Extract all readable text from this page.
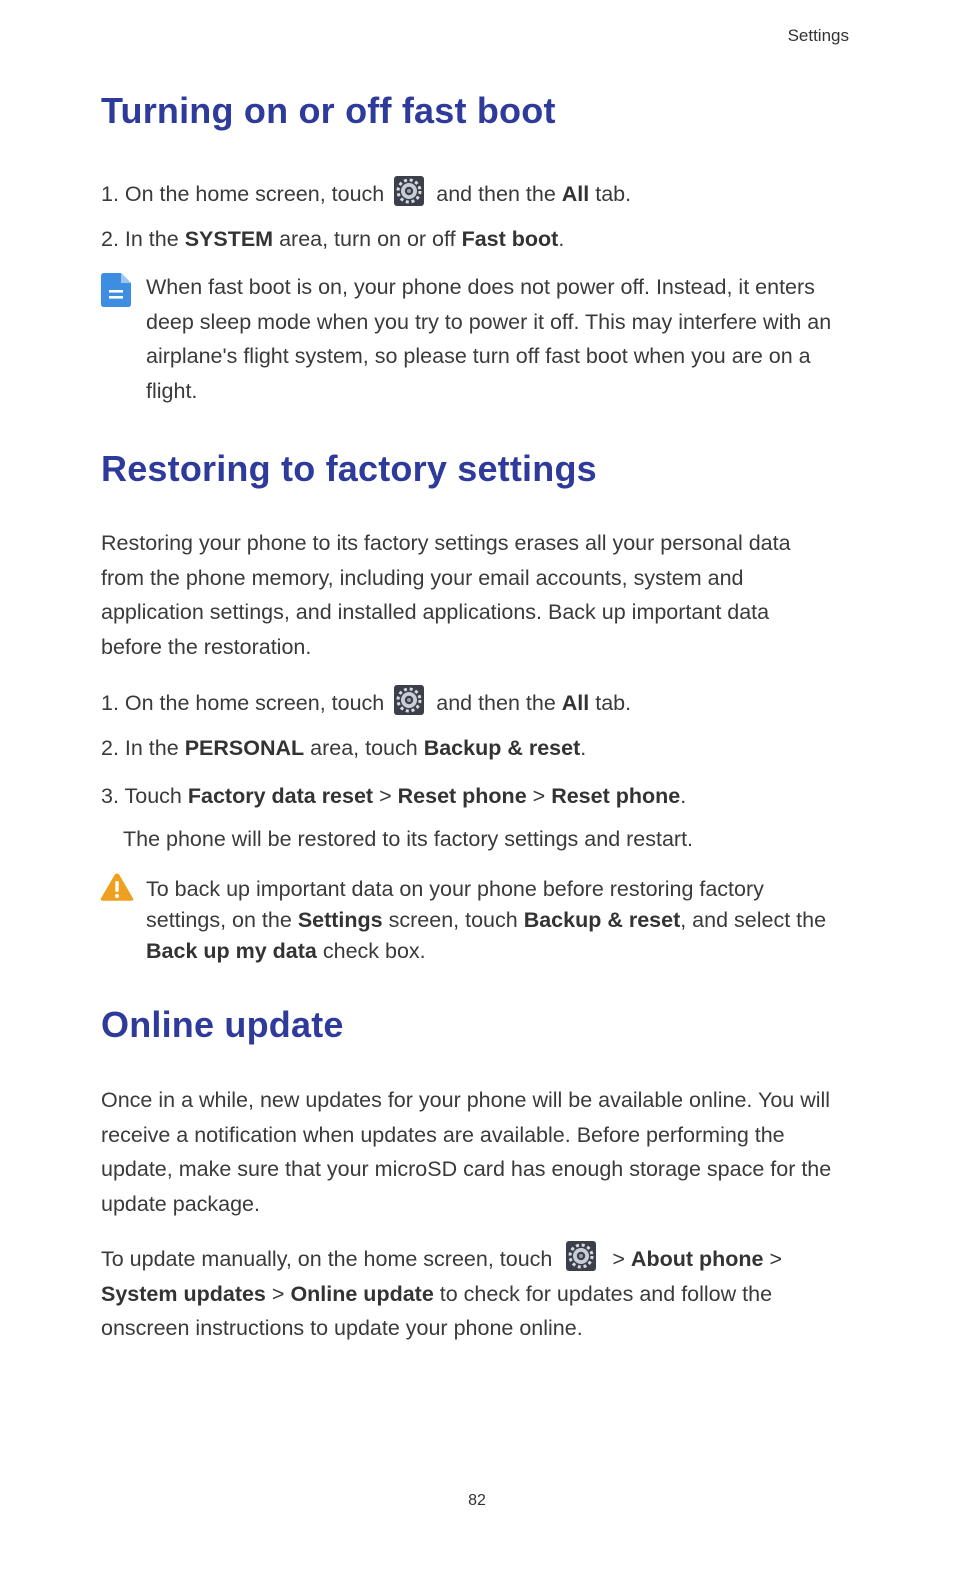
Settings
Turning on or off fast boot
1. On the home screen, touch and then the All tab.
2. In the SYSTEM area, turn on or off Fast boot.
When fast boot is on, your phone does not power off. Instead, it enters
deep sleep mode when you try to power it off. This may interfere with an
airplane's flight system, so please turn off fast boot when you are on a
flight.
Restoring to factory settings
Restoring your phone to its factory settings erases all your personal data
from the phone memory, including your email accounts, system and
application settings, and installed applications. Back up important data
before the restoration.
1. On the home screen, touch and then the All tab.
2. In the PERSONAL area, touch Backup & reset.
3. Touch Factory data reset > Reset phone > Reset phone.
The phone will be restored to its factory settings and restart.
To back up important data on your phone before restoring factory
settings, on the Settings screen, touch Backup & reset, and select the
Back up my data check box.
Online update
Once in a while, new updates for your phone will be available online. You will
receive a notification when updates are available. Before performing the
update, make sure that your microSD card has enough storage space for the
update package.
To update manually, on the home screen, touch	> About phone >
System updates > Online update to check for updates and follow the
onscreen instructions to update your phone online.
82
